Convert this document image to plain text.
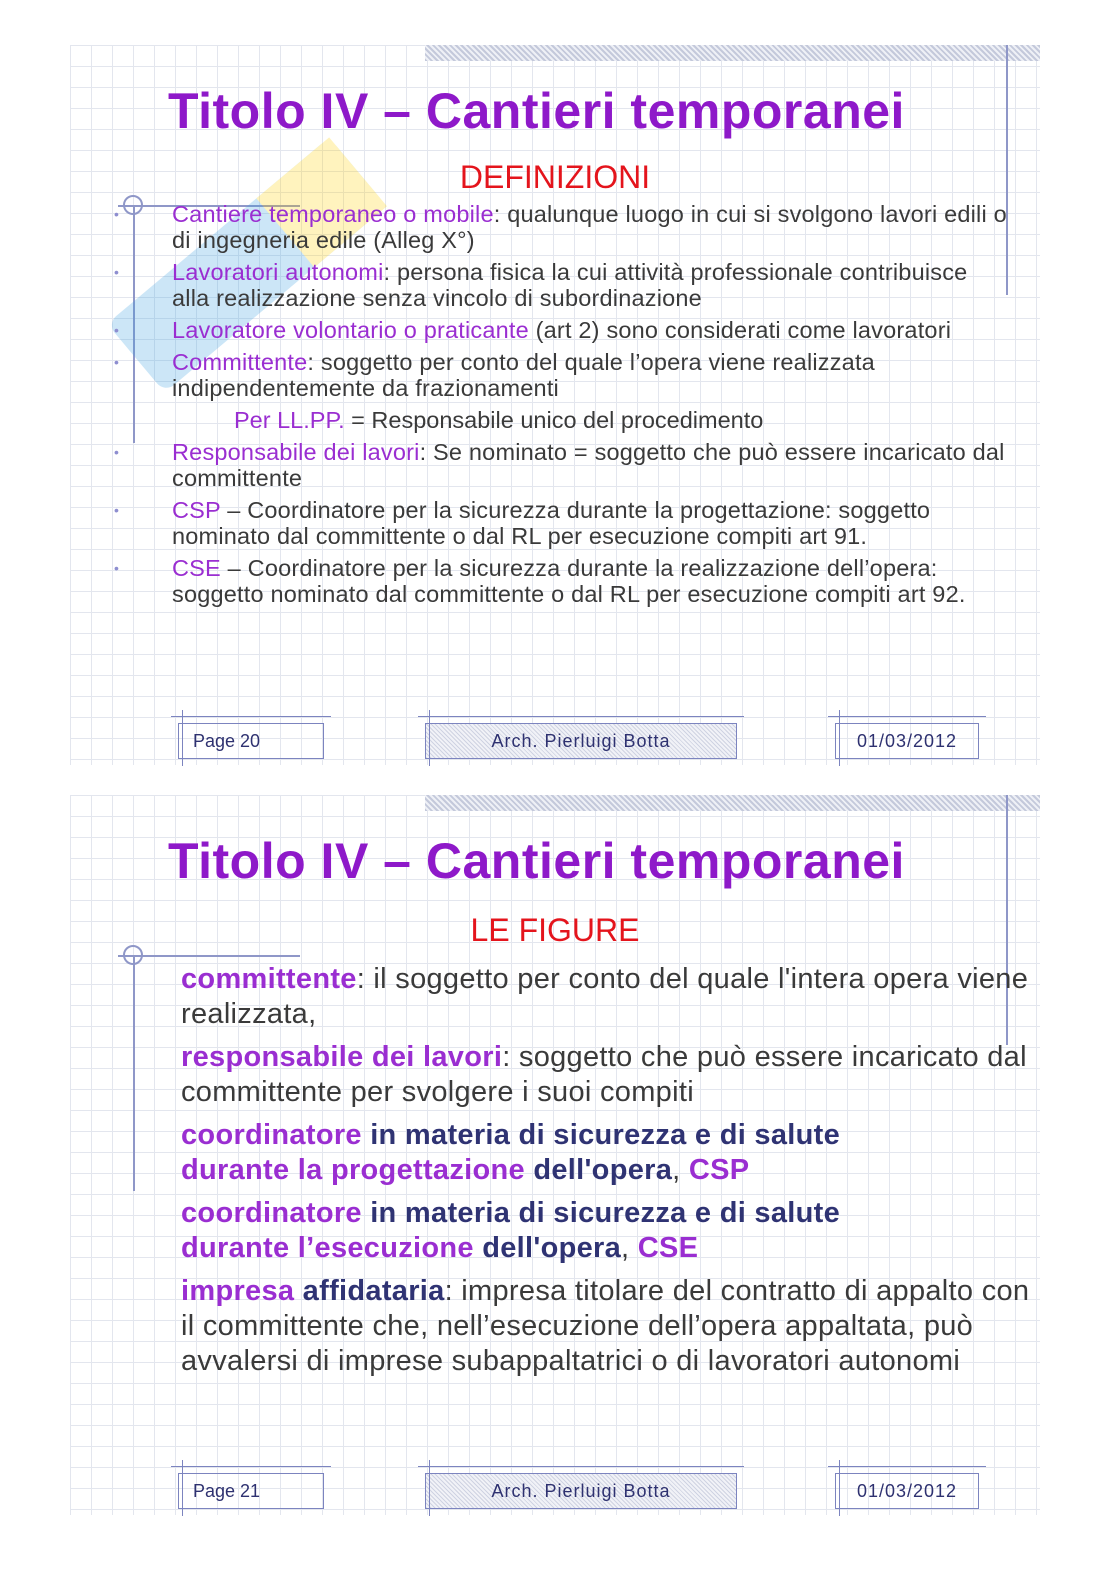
Titolo IV – Cantieri temporanei
DEFINIZIONI
• Cantiere temporaneo o mobile: qualunque luogo in cui si svolgono lavori edili o di ingegneria edile (Alleg X°)
• Lavoratori autonomi: persona fisica la cui attività professionale contribuisce alla realizzazione senza vincolo di subordinazione
• Lavoratore volontario o praticante (art 2) sono considerati come lavoratori
• Committente: soggetto per conto del quale l’opera viene realizzata indipendentemente da frazionamenti
Per LL.PP. = Responsabile unico del procedimento
• Responsabile dei lavori: Se nominato = soggetto che può essere incaricato dal committente
• CSP – Coordinatore per la sicurezza durante la progettazione: soggetto nominato dal committente o dal RL per esecuzione compiti art 91.
• CSE – Coordinatore per la sicurezza durante la realizzazione dell’opera: soggetto nominato dal committente o dal RL per esecuzione compiti art 92.
Page 20	Arch. Pierluigi Botta	01/03/2012
Titolo IV – Cantieri temporanei
LE FIGURE
committente: il soggetto per conto del quale l'intera opera viene realizzata,
responsabile dei lavori: soggetto che può essere incaricato dal committente per svolgere i suoi compiti
coordinatore in materia di sicurezza e di salute
durante la progettazione dell'opera, CSP
coordinatore in materia di sicurezza e di salute
durante l’esecuzione dell'opera, CSE
impresa affidataria: impresa titolare del contratto di appalto con il committente che, nell’esecuzione dell’opera appaltata, può avvalersi di imprese subappaltatrici o di lavoratori autonomi
Page 21	Arch. Pierluigi Botta	01/03/2012
